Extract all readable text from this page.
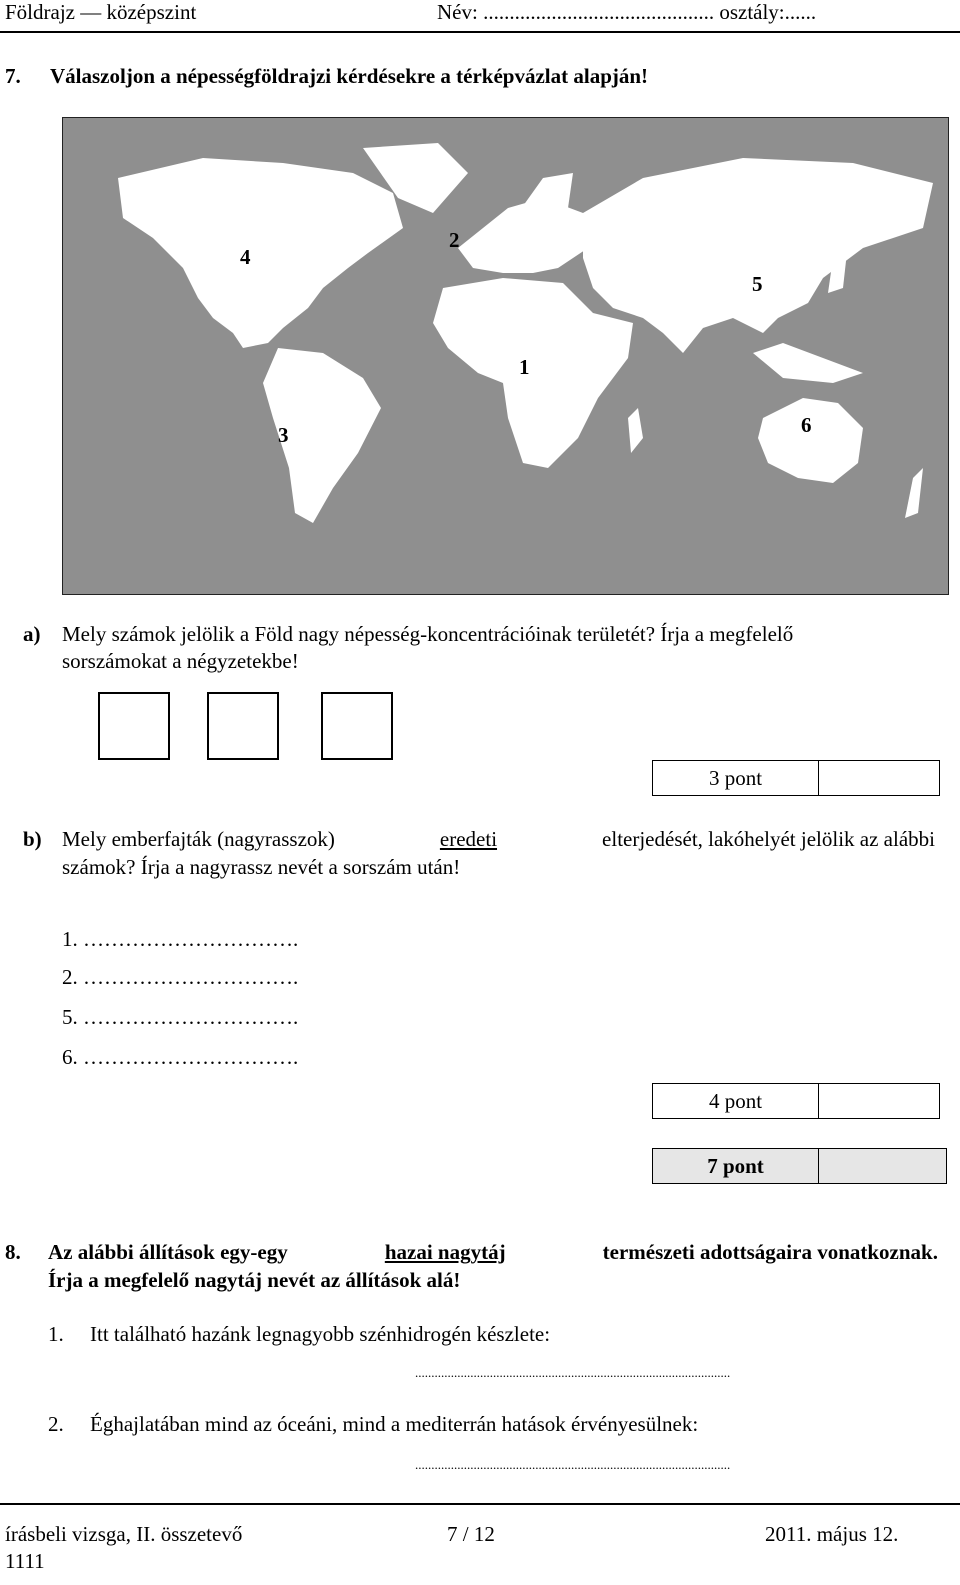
Földrajz — középszint	Név: ............................................ osztály:......
7. Válaszoljon a népességföldrajzi kérdésekre a térképvázlat alapján!
4
2
5
1
3	6
a) Mely számok jelölik a Föld nagy népesség-koncentrációinak területét? Írja a megfelelő
sorszámokat a négyzetekbe!
3 pont
b) Mely emberfajták (nagyrasszok)	eredeti	elterjedését, lakóhelyét jelölik az alábbi
számok? Írja a nagyrassz nevét a sorszám után!
1. ………………………….
2. ………………………….
5. ………………………….
6. ………………………….
4 pont
7 pont
8. Az alábbi állítások egy-egy	hazai nagytáj	természeti adottságaira vonatkoznak.
Írja a megfelelő nagytáj nevét az állítások alá!
1. Itt található hazánk legnagyobb szénhidrogén készlete:
.................................................................................................
2. Éghajlatában mind az óceáni, mind a mediterrán hatások érvényesülnek:
.................................................................................................
írásbeli vizsga, II. összetevő	7 / 12	2011. május 12.
1111
